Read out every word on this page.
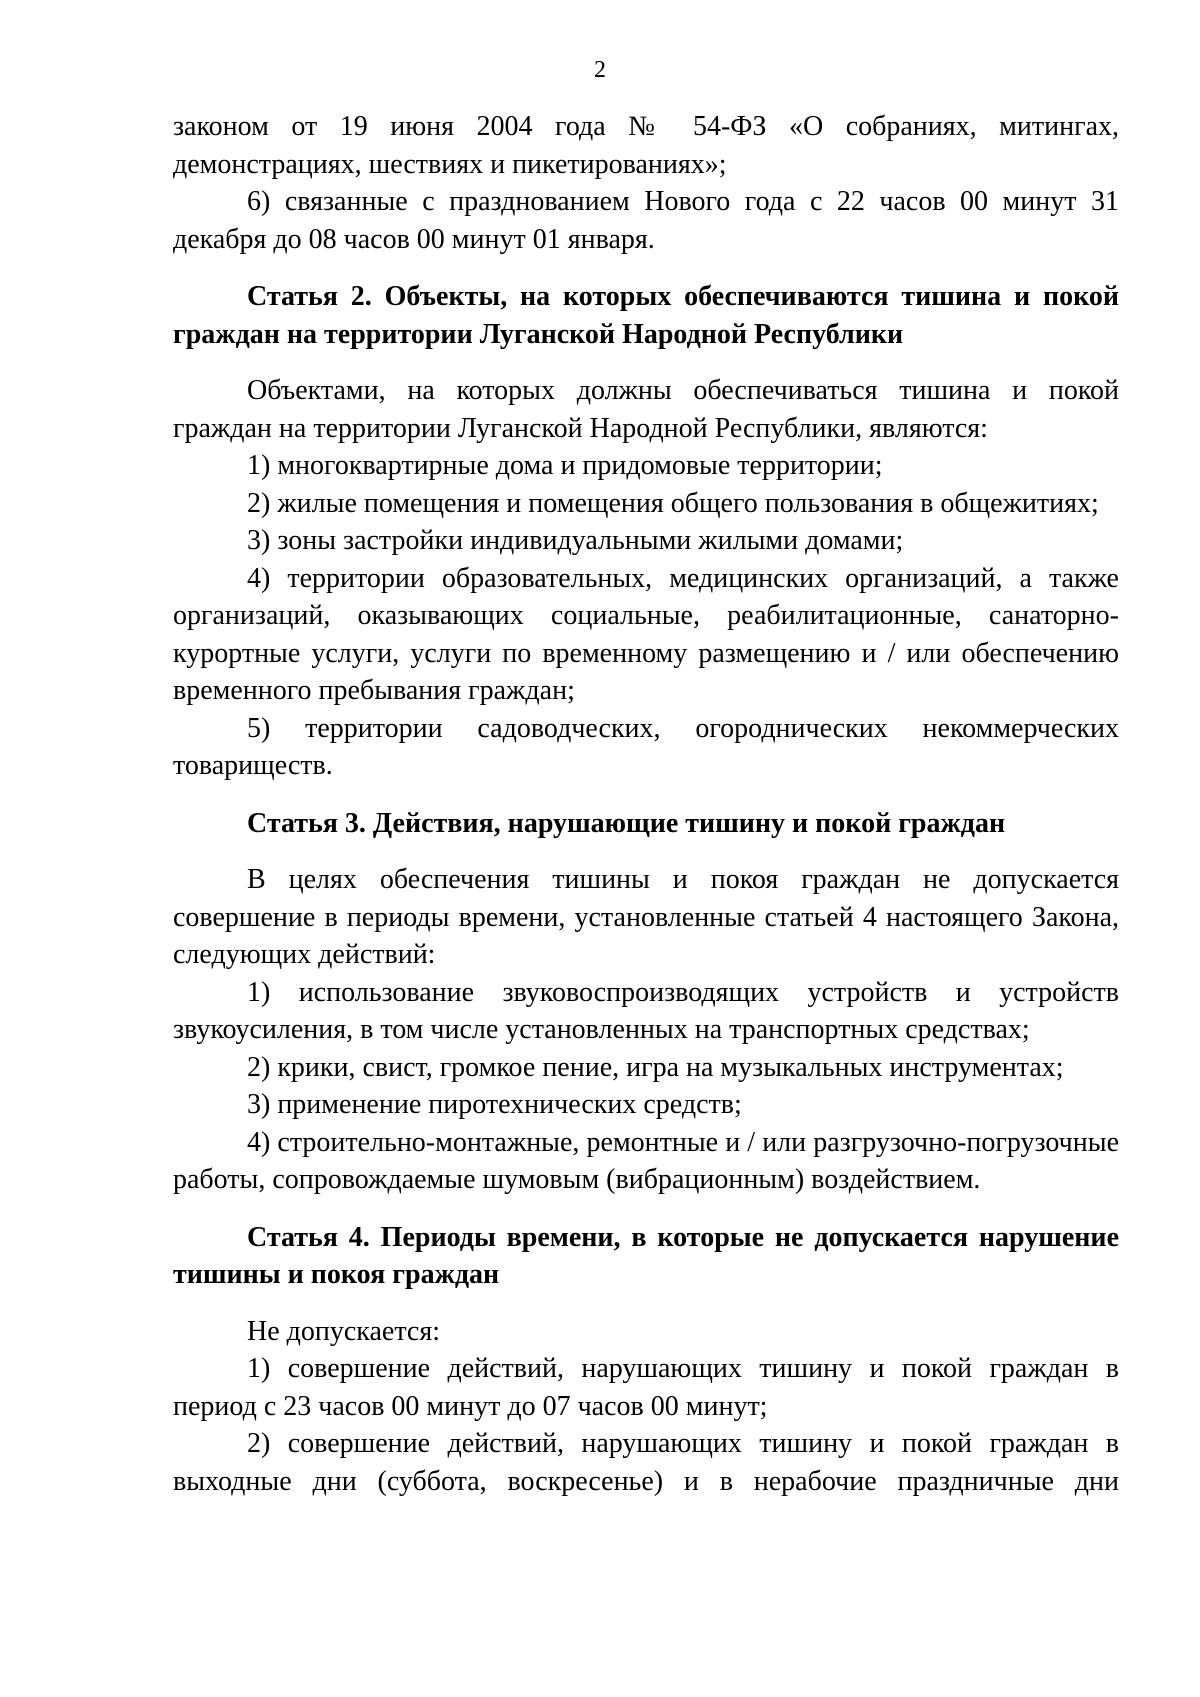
2

законом от 19 июня 2004 года № 54-ФЗ «О собраниях, митингах, демонстрациях, шествиях и пикетированиях»;

6) связанные с празднованием Нового года с 22 часов 00 минут 31 декабря до 08 часов 00 минут 01 января.

Статья 2. Объекты, на которых обеспечиваются тишина и покой граждан на территории Луганской Народной Республики

Объектами, на которых должны обеспечиваться тишина и покой граждан на территории Луганской Народной Республики, являются:

1) многоквартирные дома и придомовые территории;

2) жилые помещения и помещения общего пользования в общежитиях;

3) зоны застройки индивидуальными жилыми домами;

4) территории образовательных, медицинских организаций, а также организаций, оказывающих социальные, реабилитационные, санаторно-курортные услуги, услуги по временному размещению и / или обеспечению временного пребывания граждан;

5) территории садоводческих, огороднических некоммерческих товариществ.

Статья 3. Действия, нарушающие тишину и покой граждан

В целях обеспечения тишины и покоя граждан не допускается совершение в периоды времени, установленные статьей 4 настоящего Закона, следующих действий:

1) использование звуковоспроизводящих устройств и устройств звукоусиления, в том числе установленных на транспортных средствах;

2) крики, свист, громкое пение, игра на музыкальных инструментах;

3) применение пиротехнических средств;

4) строительно-монтажные, ремонтные и / или разгрузочно-погрузочные работы, сопровождаемые шумовым (вибрационным) воздействием.

Статья 4. Периоды времени, в которые не допускается нарушение тишины и покоя граждан

Не допускается:

1) совершение действий, нарушающих тишину и покой граждан в период с 23 часов 00 минут до 07 часов 00 минут;

2) совершение действий, нарушающих тишину и покой граждан в выходные дни (суббота, воскресенье) и в нерабочие праздничные дни
